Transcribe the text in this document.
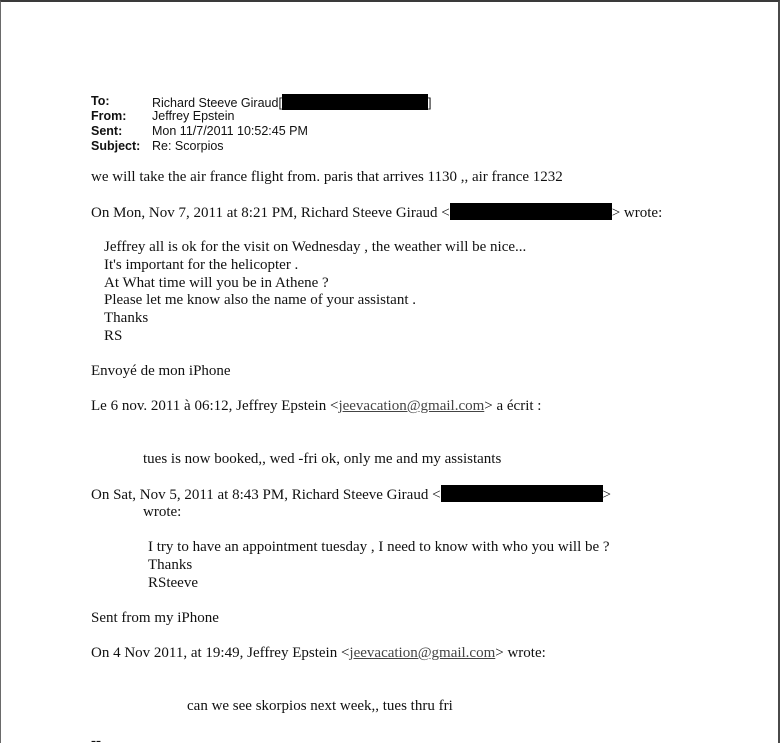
To:	Richard Steeve Giraud[	]
From: Jeffrey Epstein
Sent: Mon 11/7/2011 10:52:45 PM
Subject: Re: Scorpios
we will take the air france flight from. paris that arrives 1130 ,, air france 1232
On Mon, Nov 7, 2011 at 8:21 PM, Richard Steeve Giraud <	> wrote:
Jeffrey all is ok for the visit on Wednesday , the weather will be nice...
It's important for the helicopter .
At What time will you be in Athene ?
Please let me know also the name of your assistant .
Thanks
RS
Envoyé de mon iPhone
Le 6 nov. 2011 à 06:12, Jeffrey Epstein <jeevacation@gmail.com> a écrit :
tues is now booked,, wed -fri ok, only me and my assistants
On Sat, Nov 5, 2011 at 8:43 PM, Richard Steeve Giraud <	>
wrote:
I try to have an appointment tuesday , I need to know with who you will be ?
Thanks
RSteeve
Sent from my iPhone
On 4 Nov 2011, at 19:49, Jeffrey Epstein <jeevacation@gmail.com> wrote:
can we see skorpios next week,, tues thru fri
--
